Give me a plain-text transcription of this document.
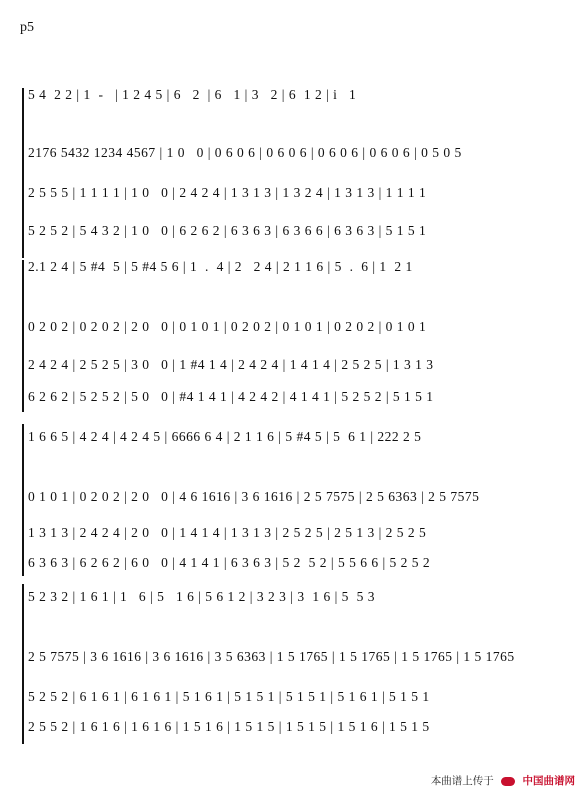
p5
5 4  2 2 | 1  -   | 1 2 4 5 | 6   2  | 6   1 | 3   2 | 6  1 2 | i   1
2176 5432 1234 4567 | 1 0   0 | 0 6 0 6 | 0 6 0 6 | 0 6 0 6 | 0 6 0 6 | 0 5 0 5
2 5 5 5 | 1 1 1 1 | 1 0   0 | 2 4 2 4 | 1 3 1 3 | 1 3 2 4 | 1 3 1 3 | 1 1 1 1
5 2 5 2 | 5 4 3 2 | 1 0   0 | 6 2 6 2 | 6 3 6 3 | 6 3 6 6 | 6 3 6 3 | 5 1 5 1
2.1 2 4 | 5 #4  5 | 5 #4 5 6 | 1  .  4 | 2   2 4 | 2 1 1 6 | 5  .  6 | 1  2 1
0 2 0 2 | 0 2 0 2 | 2 0   0 | 0 1 0 1 | 0 2 0 2 | 0 1 0 1 | 0 2 0 2 | 0 1 0 1
2 4 2 4 | 2 5 2 5 | 3 0   0 | 1 #4 1 4 | 2 4 2 4 | 1 4 1 4 | 2 5 2 5 | 1 3 1 3
6 2 6 2 | 5 2 5 2 | 5 0   0 | #4 1 4 1 | 4 2 4 2 | 4 1 4 1 | 5 2 5 2 | 5 1 5 1
1 6 6 5 | 4 2 4 | 4 2 4 5 | 6666 6 4 | 2 1 1 6 | 5 #4 5 | 5  6 1 | 222 2 5
0 1 0 1 | 0 2 0 2 | 2 0   0 | 4 6 1616 | 3 6 1616 | 2 5 7575 | 2 5 6363 | 2 5 7575
1 3 1 3 | 2 4 2 4 | 2 0   0 | 1 4 1 4 | 1 3 1 3 | 2 5 2 5 | 2 5 1 3 | 2 5 2 5
6 3 6 3 | 6 2 6 2 | 6 0   0 | 4 1 4 1 | 6 3 6 3 | 5 2  5 2 | 5 5 6 6 | 5 2 5 2
5 2 3 2 | 1 6 1 | 1   6 | 5   1 6 | 5 6 1 2 | 3 2 3 | 3  1 6 | 5  5 3
2 5 7575 | 3 6 1616 | 3 6 1616 | 3 5 6363 | 1 5 1765 | 1 5 1765 | 1 5 1765 | 1 5 1765
5 2 5 2 | 6 1 6 1 | 6 1 6 1 | 5 1 6 1 | 5 1 5 1 | 5 1 5 1 | 5 1 6 1 | 5 1 5 1
2 5 5 2 | 1 6 1 6 | 1 6 1 6 | 1 5 1 6 | 1 5 1 5 | 1 5 1 5 | 1 5 1 6 | 1 5 1 5
本曲谱上传于	中国曲谱网
